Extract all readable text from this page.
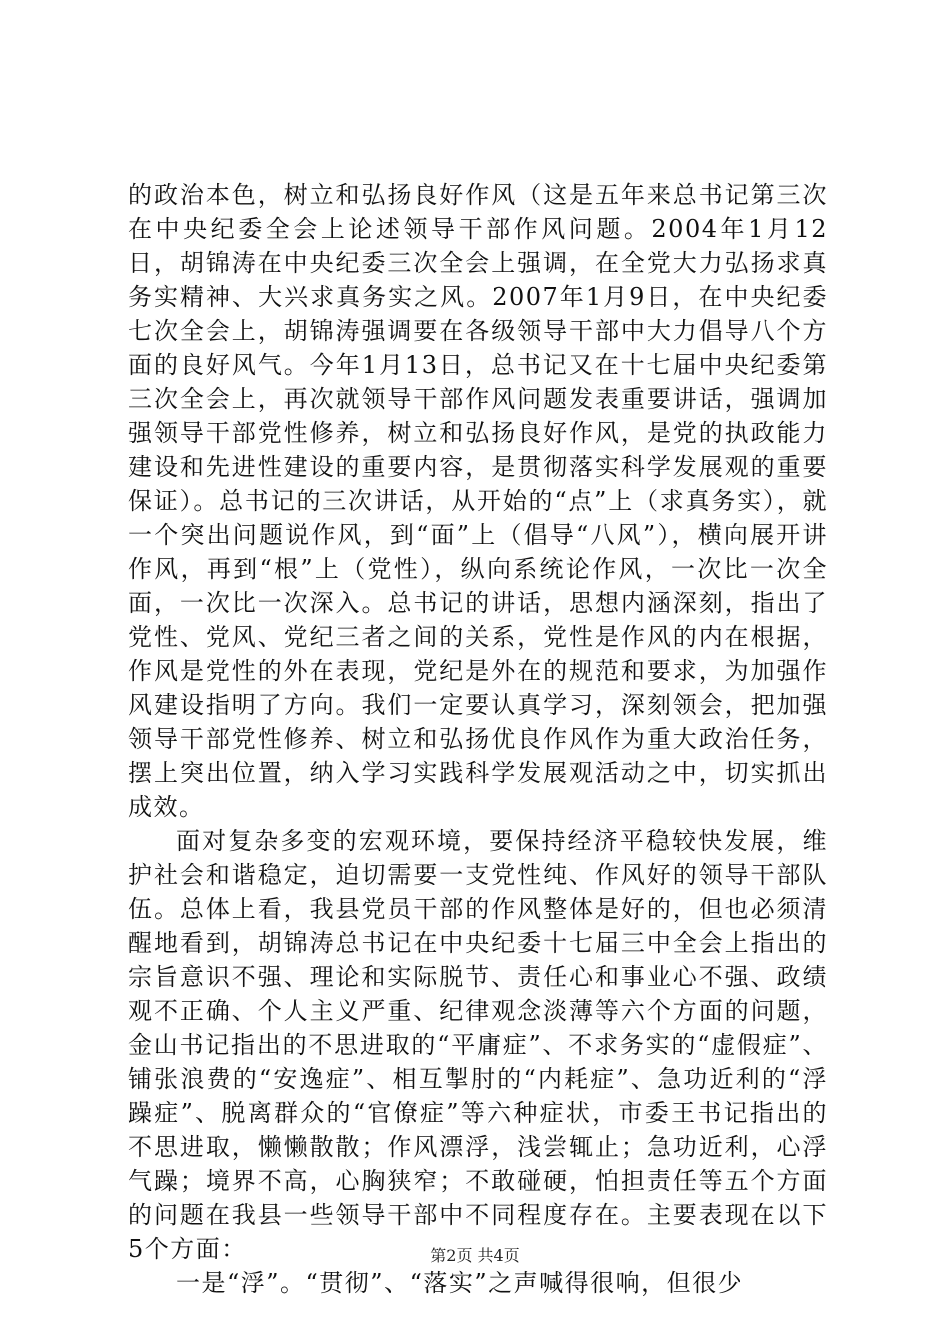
的政治本色，树立和弘扬良好作风（这是五年来总书记第三次在中央纪委全会上论述领导干部作风问题。2004年1月12日，胡锦涛在中央纪委三次全会上强调，在全党大力弘扬求真务实精神、大兴求真务实之风。2007年1月9日，在中央纪委七次全会上，胡锦涛强调要在各级领导干部中大力倡导八个方面的良好风气。今年1月13日，总书记又在十七届中央纪委第三次全会上，再次就领导干部作风问题发表重要讲话，强调加强领导干部党性修养，树立和弘扬良好作风，是党的执政能力建设和先进性建设的重要内容，是贯彻落实科学发展观的重要保证）。总书记的三次讲话，从开始的“点”上（求真务实），就一个突出问题说作风，到“面”上（倡导“八风”），横向展开讲作风，再到“根”上（党性），纵向系统论作风，一次比一次全面，一次比一次深入。总书记的讲话，思想内涵深刻，指出了党性、党风、党纪三者之间的关系，党性是作风的内在根据，作风是党性的外在表现，党纪是外在的规范和要求，为加强作风建设指明了方向。我们一定要认真学习，深刻领会，把加强领导干部党性修养、树立和弘扬优良作风作为重大政治任务，摆上突出位置，纳入学习实践科学发展观活动之中，切实抓出成效。

面对复杂多变的宏观环境，要保持经济平稳较快发展，维护社会和谐稳定，迫切需要一支党性纯、作风好的领导干部队伍。总体上看，我县党员干部的作风整体是好的，但也必须清醒地看到，胡锦涛总书记在中央纪委十七届三中全会上指出的宗旨意识不强、理论和实际脱节、责任心和事业心不强、政绩观不正确、个人主义严重、纪律观念淡薄等六个方面的问题，金山书记指出的不思进取的“平庸症”、不求务实的“虚假症”、铺张浪费的“安逸症”、相互掣肘的“内耗症”、急功近利的“浮躁症”、脱离群众的“官僚症”等六种症状，市委王书记指出的不思进取，懒懒散散；作风漂浮，浅尝辄止；急功近利，心浮气躁；境界不高，心胸狭窄；不敢碰硬，怕担责任等五个方面的问题在我县一些领导干部中不同程度存在。主要表现在以下5个方面：

一是“浮”。“贯彻”、“落实”之声喊得很响，但很少

第2页 共4页
